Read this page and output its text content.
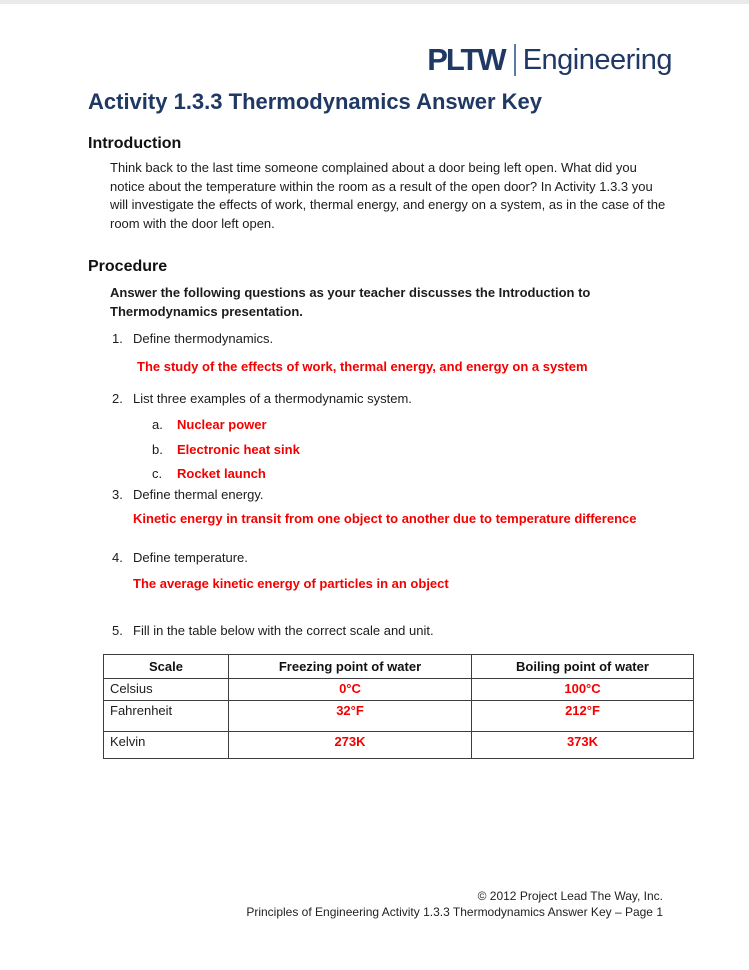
PLTW Engineering
Activity 1.3.3 Thermodynamics Answer Key
Introduction

Think back to the last time someone complained about a door being left open. What did you notice about the temperature within the room as a result of the open door? In Activity 1.3.3 you will investigate the effects of work, thermal energy, and energy on a system, as in the case of the room with the door left open.

Procedure

Answer the following questions as your teacher discusses the Introduction to Thermodynamics presentation.

1. Define thermodynamics.
The study of the effects of work, thermal energy, and energy on a system
2. List three examples of a thermodynamic system.
a. Nuclear power
b. Electronic heat sink
c. Rocket launch
3. Define thermal energy.
Kinetic energy in transit from one object to another due to temperature difference
4. Define temperature.
The average kinetic energy of particles in an object
5. Fill in the table below with the correct scale and unit.
Scale	Freezing point of water	Boiling point of water
Celsius	0°C	100°C
Fahrenheit	32°F	212°F
Kelvin	273K	373K
© 2012 Project Lead The Way, Inc.
Principles of Engineering Activity 1.3.3 Thermodynamics Answer Key – Page 1
